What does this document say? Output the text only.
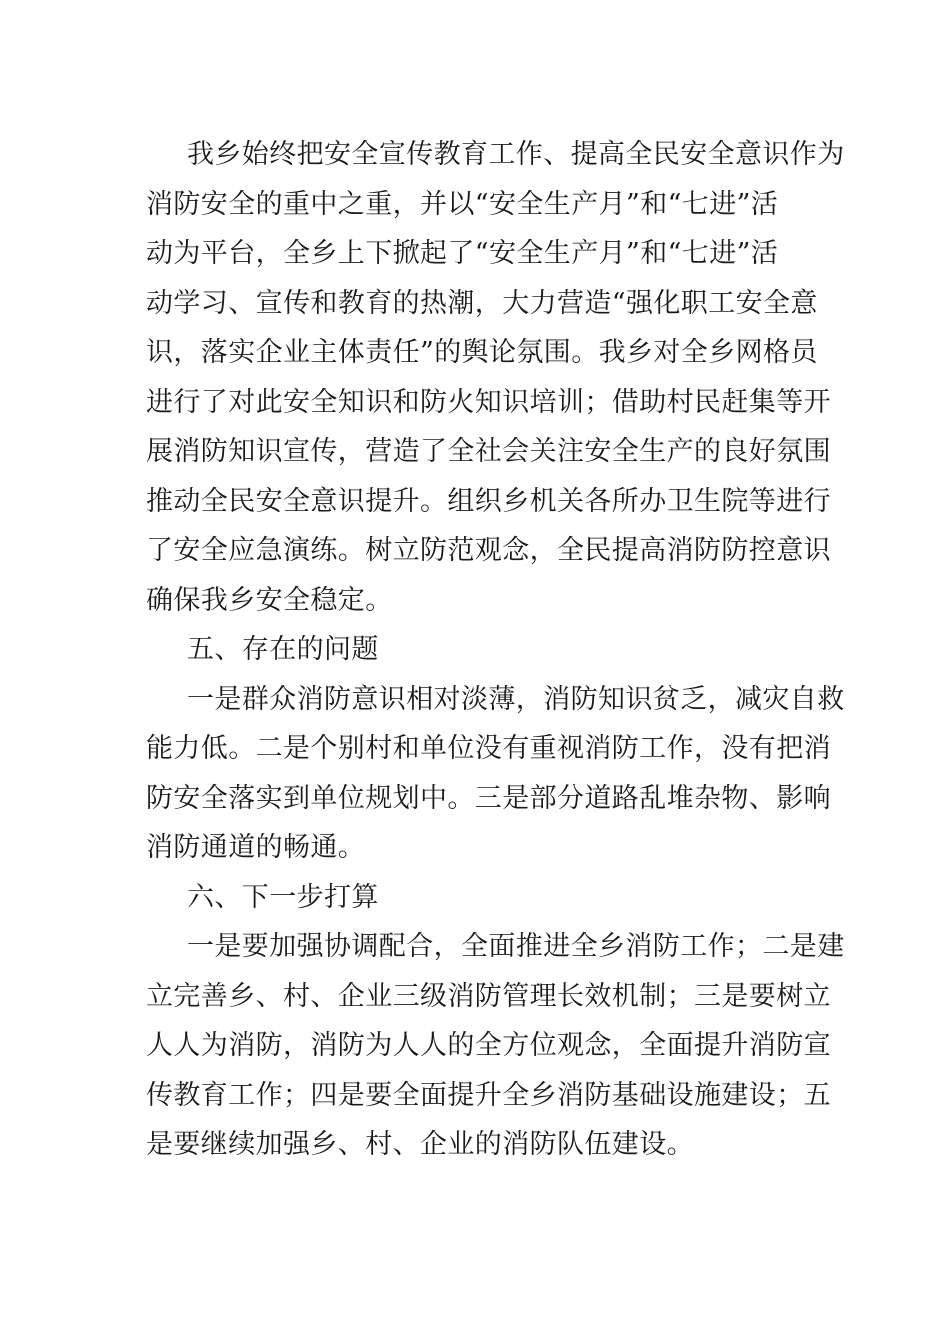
我乡始终把安全宣传教育工作、提高全民安全意识作为
消防安全的重中之重，并以“安全生产月”和“七进”活
动为平台，全乡上下掀起了“安全生产月”和“七进”活
动学习、宣传和教育的热潮，大力营造“强化职工安全意
识，落实企业主体责任”的舆论氛围。我乡对全乡网格员
进行了对此安全知识和防火知识培训；借助村民赶集等开
展消防知识宣传，营造了全社会关注安全生产的良好氛围
推动全民安全意识提升。组织乡机关各所办卫生院等进行
了安全应急演练。树立防范观念，全民提高消防防控意识
确保我乡安全稳定。
五、存在的问题
一是群众消防意识相对淡薄，消防知识贫乏，减灾自救
能力低。二是个别村和单位没有重视消防工作，没有把消
防安全落实到单位规划中。三是部分道路乱堆杂物、影响
消防通道的畅通。
六、下一步打算
一是要加强协调配合，全面推进全乡消防工作；二是建
立完善乡、村、企业三级消防管理长效机制；三是要树立
人人为消防，消防为人人的全方位观念，全面提升消防宣
传教育工作；四是要全面提升全乡消防基础设施建设；五
是要继续加强乡、村、企业的消防队伍建设。
